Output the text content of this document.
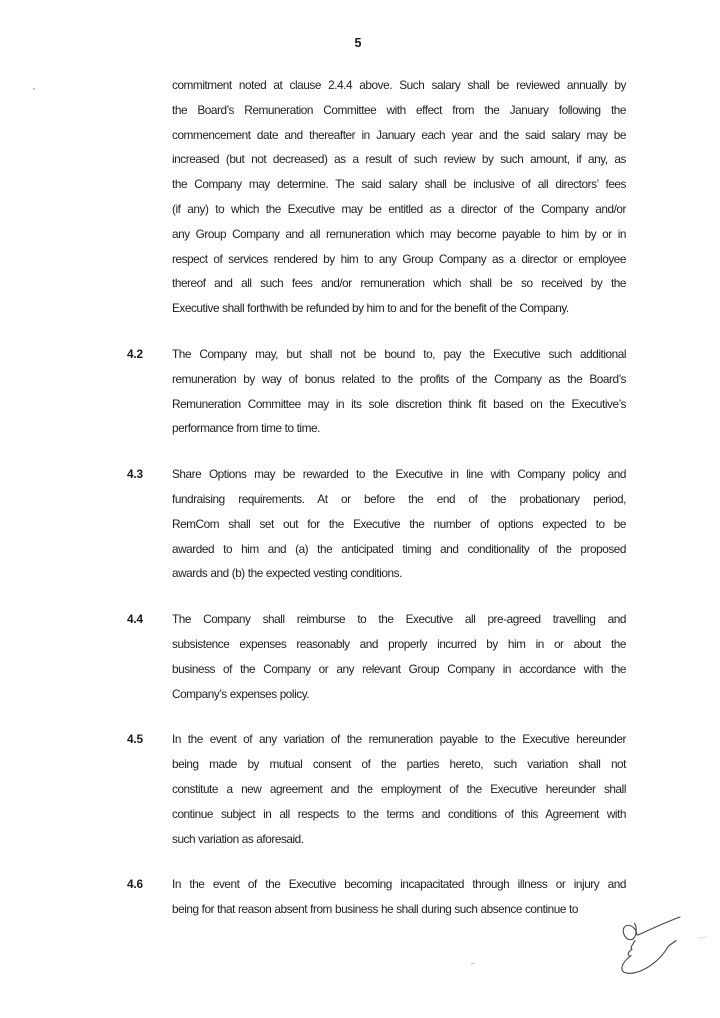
5
commitment noted at clause 2.4.4 above. Such salary shall be reviewed annually by
the Board’s Remuneration Committee with effect from the January following the
commencement date and thereafter in January each year and the said salary may be
increased (but not decreased) as a result of such review by such amount, if any, as
the Company may determine. The said salary shall be inclusive of all directors’ fees
(if any) to which the Executive may be entitled as a director of the Company and/or
any Group Company and all remuneration which may become payable to him by or in
respect of services rendered by him to any Group Company as a director or employee
thereof and all such fees and/or remuneration which shall be so received by the
Executive shall forthwith be refunded by him to and for the benefit of the Company.
4.2	The Company may, but shall not be bound to, pay the Executive such additional
remuneration by way of bonus related to the profits of the Company as the Board’s
Remuneration Committee may in its sole discretion think fit based on the Executive’s
performance from time to time.
4.3	Share Options may be rewarded to the Executive in line with Company policy and
fundraising requirements. At or before the end of the probationary period,
RemCom shall set out for the Executive the number of options expected to be
awarded to him and (a) the anticipated timing and conditionality of the proposed
awards and (b) the expected vesting conditions.
4.4	The Company shall reimburse to the Executive all pre-agreed travelling and
subsistence expenses reasonably and properly incurred by him in or about the
business of the Company or any relevant Group Company in accordance with the
Company’s expenses policy.
4.5	In the event of any variation of the remuneration payable to the Executive hereunder
being made by mutual consent of the parties hereto, such variation shall not
constitute a new agreement and the employment of the Executive hereunder shall
continue subject in all respects to the terms and conditions of this Agreement with
such variation as aforesaid.
4.6	In the event of the Executive becoming incapacitated through illness or injury and
being for that reason absent from business he shall during such absence continue to
